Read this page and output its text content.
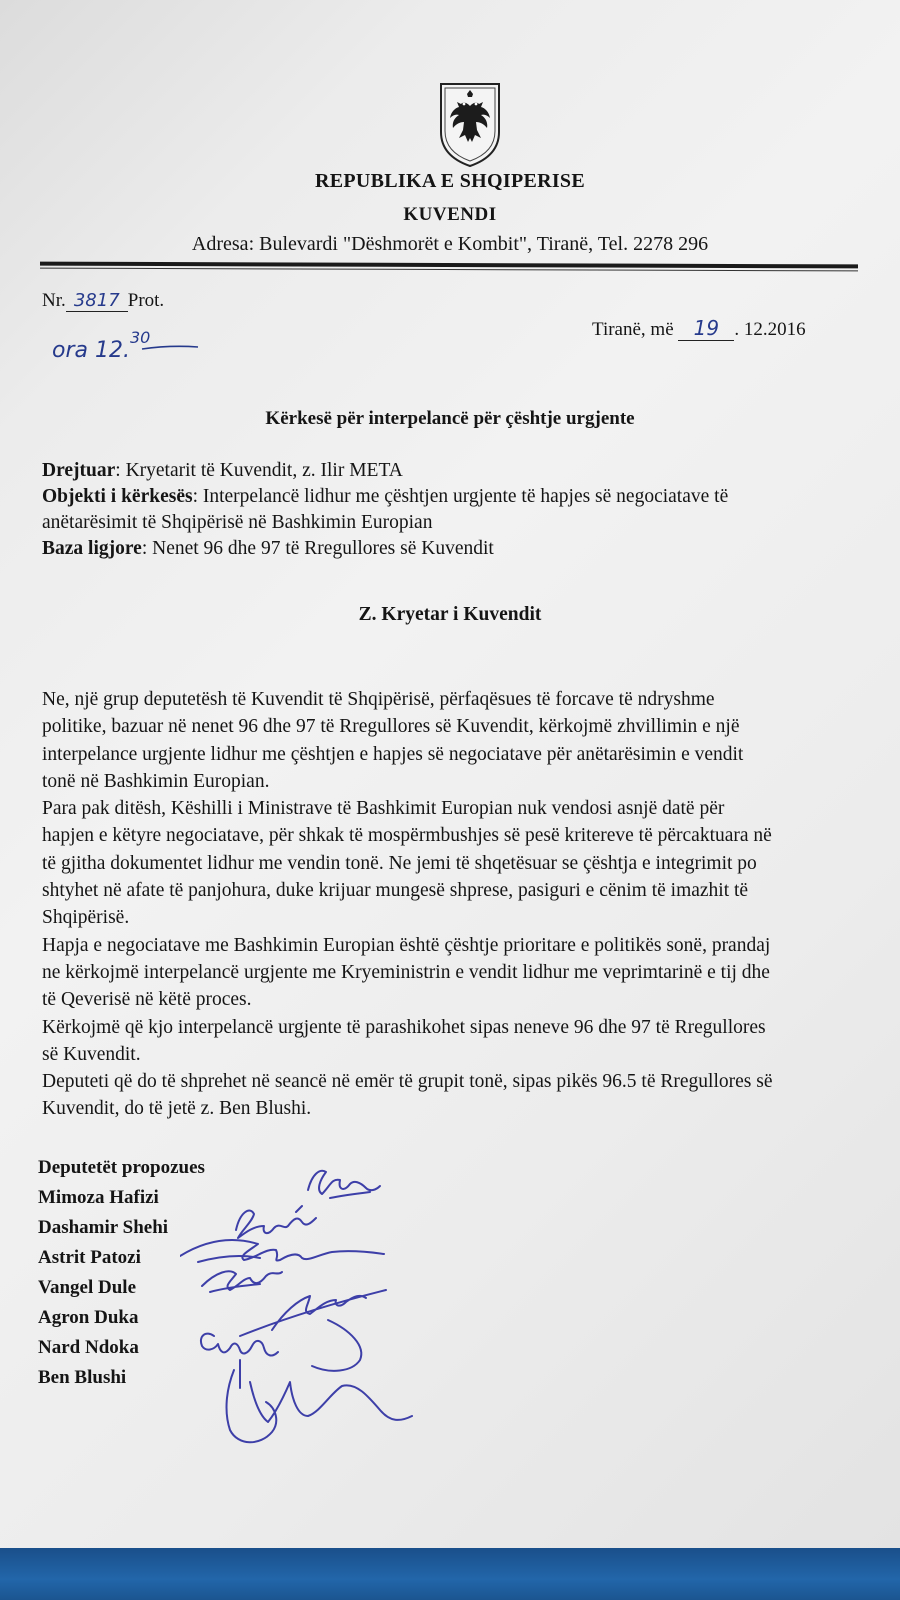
REPUBLIKA E SHQIPERISE
KUVENDI
Adresa: Bulevardi "Dëshmorët e Kombit", Tiranë, Tel. 2278 296
Nr. 3817 Prot.
ora 12.30	Tiranë, më 19 . 12.2016
Kërkesë për interpelancë për çështje urgjente
Drejtuar: Kryetarit të Kuvendit, z. Ilir META
Objekti i kërkesës: Interpelancë lidhur me çështjen urgjente të hapjes së negociatave të
anëtarësimit të Shqipërisë në Bashkimin Europian
Baza ligjore: Nenet 96 dhe 97 të Rregullores së Kuvendit
Z. Kryetar i Kuvendit
Ne, një grup deputetësh të Kuvendit të Shqipërisë, përfaqësues të forcave të ndryshme
politike, bazuar në nenet 96 dhe 97 të Rregullores së Kuvendit, kërkojmë zhvillimin e një
interpelance urgjente lidhur me çështjen e hapjes së negociatave për anëtarësimin e vendit
tonë në Bashkimin Europian.
Para pak ditësh, Këshilli i Ministrave të Bashkimit Europian nuk vendosi asnjë datë për
hapjen e këtyre negociatave, për shkak të mospërmbushjes së pesë kritereve të përcaktuara në
të gjitha dokumentet lidhur me vendin tonë. Ne jemi të shqetësuar se çështja e integrimit po
shtyhet në afate të panjohura, duke krijuar mungesë shprese, pasiguri e cënim të imazhit të
Shqipërisë.
Hapja e negociatave me Bashkimin Europian është çështje prioritare e politikës sonë, prandaj
ne kërkojmë interpelancë urgjente me Kryeministrin e vendit lidhur me veprimtarinë e tij dhe
të Qeverisë në këtë proces.
Kërkojmë që kjo interpelancë urgjente të parashikohet sipas neneve 96 dhe 97 të Rregullores
së Kuvendit.
Deputeti që do të shprehet në seancë në emër të grupit tonë, sipas pikës 96.5 të Rregullores së
Kuvendit, do të jetë z. Ben Blushi.
Deputetët propozues
Mimoza Hafizi
Dashamir Shehi
Astrit Patozi
Vangel Dule
Agron Duka
Nard Ndoka
Ben Blushi
